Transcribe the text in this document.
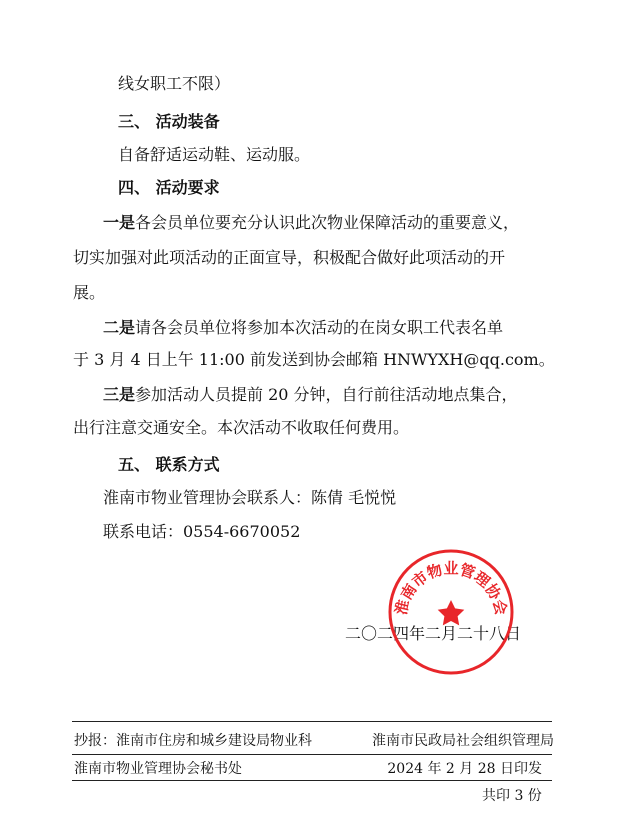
线女职工不限）
三、 活动装备
自备舒适运动鞋、运动服。
四、 活动要求
一是各会员单位要充分认识此次物业保障活动的重要意义，
切实加强对此项活动的正面宣导，积极配合做好此项活动的开
展。
二是请各会员单位将参加本次活动的在岗女职工代表名单
于 3 月 4 日上午 11:00 前发送到协会邮箱 HNWYXH@qq.com。
三是参加活动人员提前 20 分钟，自行前往活动地点集合，
出行注意交通安全。本次活动不收取任何费用。
五、 联系方式
淮南市物业管理协会联系人：陈倩 毛悦悦
联系电话：0554-6670052
二〇二四年二月二十八日
淮南市物业管理协会
抄报：淮南市住房和城乡建设局物业科	淮南市民政局社会组织管理局
淮南市物业管理协会秘书处	2024 年 2 月 28 日印发
共印 3 份
